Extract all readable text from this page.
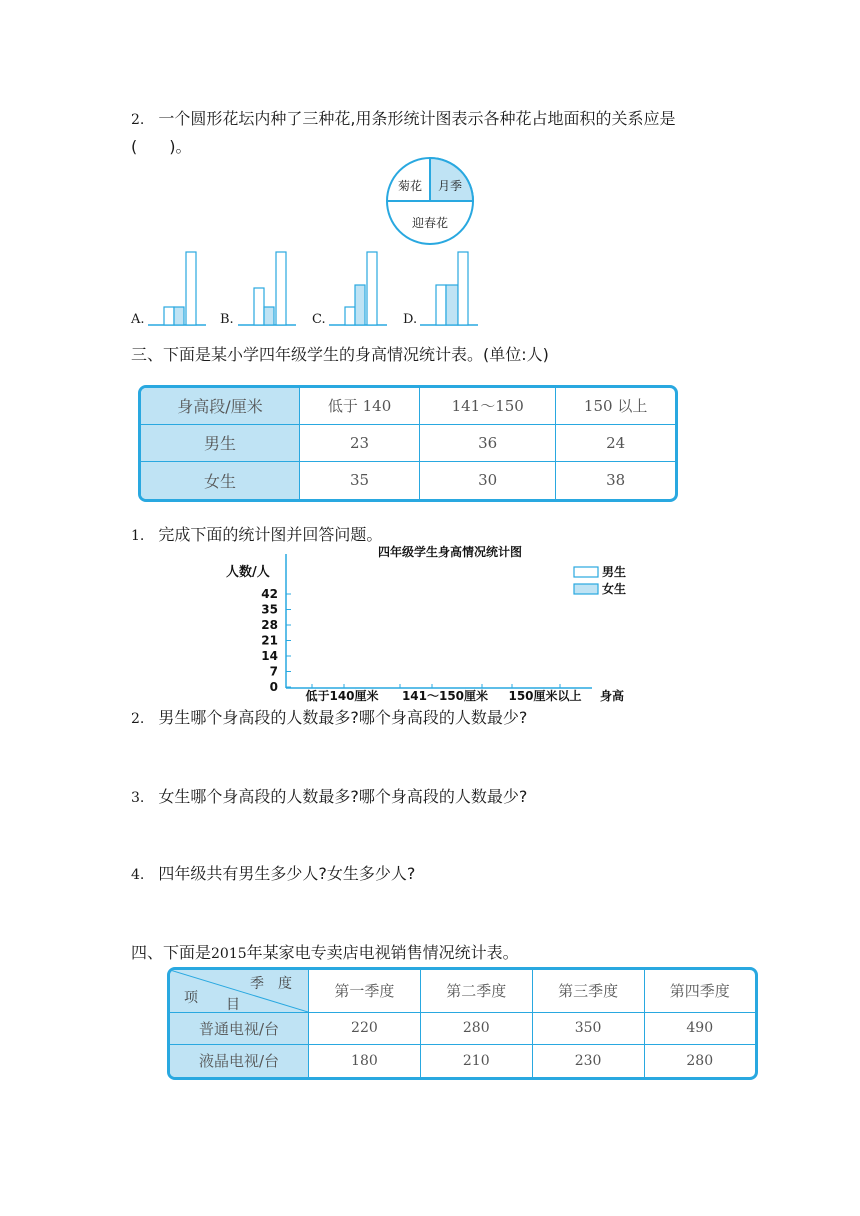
2. 一个圆形花坛内种了三种花,用条形统计图表示各种花占地面积的关系应是
(　　)。
菊花 月季
迎春花
A.	B.	C.	D.
三、下面是某小学四年级学生的身高情况统计表。(单位:人)
身高段/厘米	低于 140	141～150	150 以上
男生	23	36	24
女生	35	30	38
1. 完成下面的统计图并回答问题。
四年级学生身高情况统计图
人数/人
42
35
28
21
14
7
0
低于140厘米 141～150厘米 150厘米以上 身高
男生
女生
2. 男生哪个身高段的人数最多?哪个身高段的人数最少?
3. 女生哪个身高段的人数最多?哪个身高段的人数最少?
4. 四年级共有男生多少人?女生多少人?
四、下面是2015年某家电专卖店电视销售情况统计表。
季　度
项 目	第一季度	第二季度	第三季度	第四季度
普通电视/台	220	280	350	490
液晶电视/台	180	210	230	280
